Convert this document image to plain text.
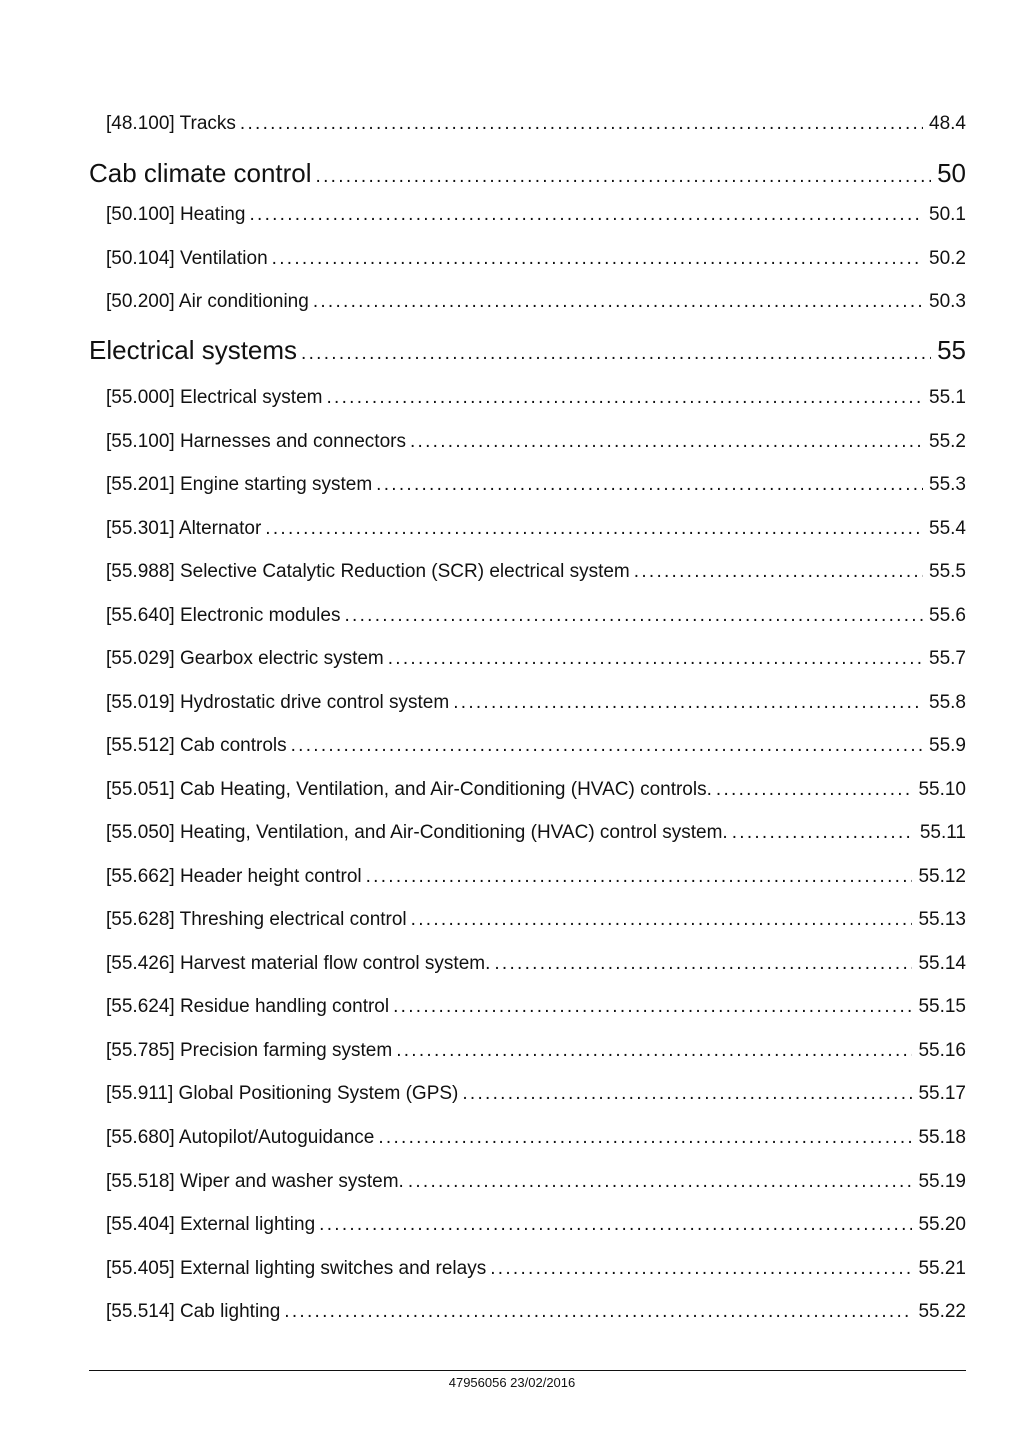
[48.100] Tracks . . .	48.4
Cab climate control . . .	50
[50.100] Heating . . .	50.1
[50.104] Ventilation . . .	50.2
[50.200] Air conditioning . . .	50.3
Electrical systems . . .	55
[55.000] Electrical system . . .	55.1
[55.100] Harnesses and connectors . . .	55.2
[55.201] Engine starting system . . .	55.3
[55.301] Alternator . . .	55.4
[55.988] Selective Catalytic Reduction (SCR) electrical system . . .	55.5
[55.640] Electronic modules . . .	55.6
[55.029] Gearbox electric system . . .	55.7
[55.019] Hydrostatic drive control system . . .	55.8
[55.512] Cab controls . . .	55.9
[55.051] Cab Heating, Ventilation, and Air-Conditioning (HVAC) controls. . . .	55.10
[55.050] Heating, Ventilation, and Air-Conditioning (HVAC) control system. . . .	55.11
[55.662] Header height control . . .	55.12
[55.628] Threshing electrical control . . .	55.13
[55.426] Harvest material flow control system. . . .	55.14
[55.624] Residue handling control . . .	55.15
[55.785] Precision farming system . . .	55.16
[55.911] Global Positioning System (GPS) . . .	55.17
[55.680] Autopilot/Autoguidance . . .	55.18
[55.518] Wiper and washer system. . . .	55.19
[55.404] External lighting . . .	55.20
[55.405] External lighting switches and relays . . .	55.21
[55.514] Cab lighting . . .	55.22
47956056 23/02/2016
